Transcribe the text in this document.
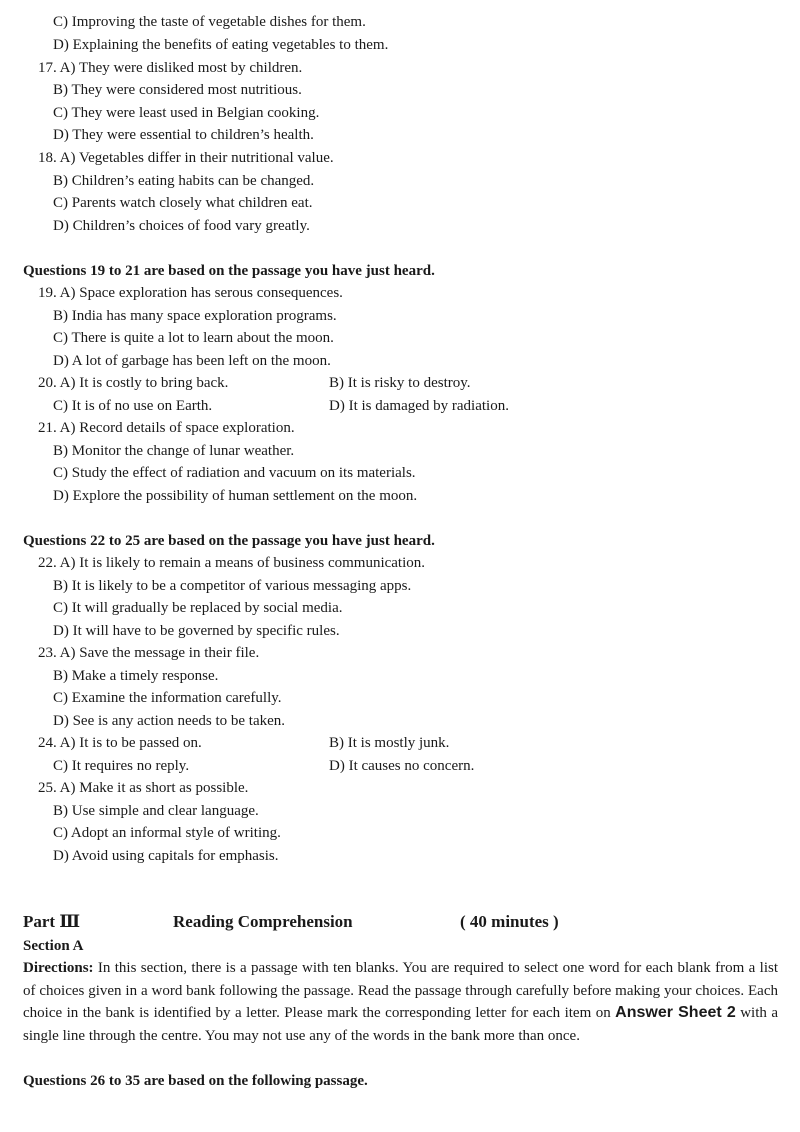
C) Improving the taste of vegetable dishes for them.
D) Explaining the benefits of eating vegetables to them.
17. A) They were disliked most by children.
B) They were considered most nutritious.
C) They were least used in Belgian cooking.
D) They were essential to children’s health.
18. A) Vegetables differ in their nutritional value.
B) Children’s eating habits can be changed.
C) Parents watch closely what children eat.
D) Children’s choices of food vary greatly.
Questions 19 to 21 are based on the passage you have just heard.
19. A) Space exploration has serous consequences.
B) India has many space exploration programs.
C) There is quite a lot to learn about the moon.
D) A lot of garbage has been left on the moon.
20. A) It is costly to bring back.	B) It is risky to destroy.
C) It is of no use on Earth.	D) It is damaged by radiation.
21. A) Record details of space exploration.
B) Monitor the change of lunar weather.
C) Study the effect of radiation and vacuum on its materials.
D) Explore the possibility of human settlement on the moon.
Questions 22 to 25 are based on the passage you have just heard.
22. A) It is likely to remain a means of business communication.
B) It is likely to be a competitor of various messaging apps.
C) It will gradually be replaced by social media.
D) It will have to be governed by specific rules.
23. A) Save the message in their file.
B) Make a timely response.
C) Examine the information carefully.
D) See is any action needs to be taken.
24. A) It is to be passed on.	B) It is mostly junk.
C) It requires no reply.	D) It causes no concern.
25. A) Make it as short as possible.
B) Use simple and clear language.
C) Adopt an informal style of writing.
D) Avoid using capitals for emphasis.
Part Ⅲ	Reading Comprehension	( 40 minutes )
Section A
Directions: In this section, there is a passage with ten blanks. You are required to select one word for each blank from a list of choices given in a word bank following the passage. Read the passage through carefully before making your choices. Each choice in the bank is identified by a letter. Please mark the corresponding letter for each item on Answer Sheet 2 with a single line through the centre. You may not use any of the words in the bank more than once.
Questions 26 to 35 are based on the following passage.
